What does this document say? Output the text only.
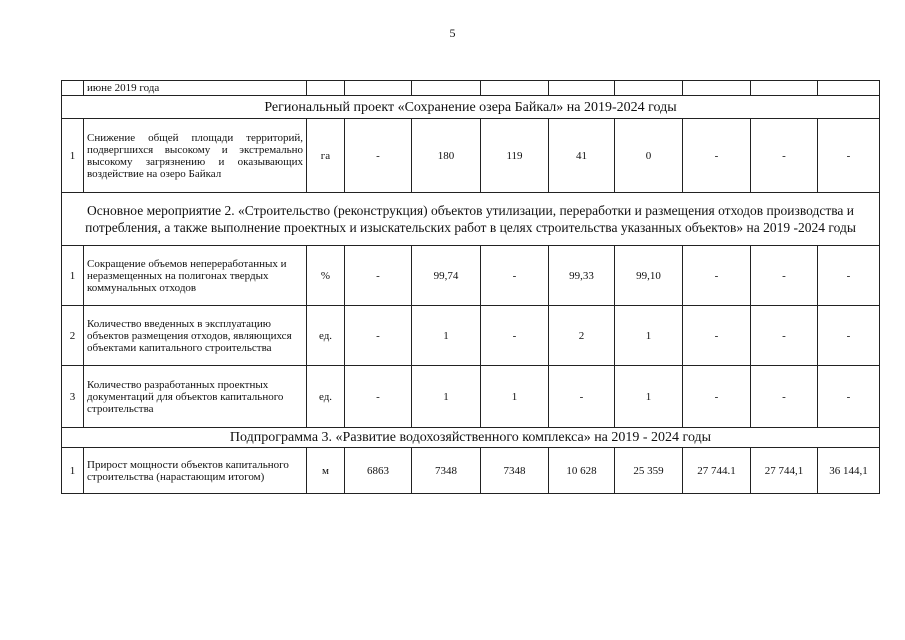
5
	июне 2019 года									
Региональный проект «Сохранение озера Байкал» на 2019-2024 годы										
1	Снижение общей площади территорий, подвергшихся высокому и экстремально высокому загрязнению и оказывающих воздействие на озеро Байкал	га	-	180	119	41	0	-	-	-
Основное мероприятие 2. «Строительство (реконструкция) объектов утилизации, переработки и размещения отходов производства и потребления, а также выполнение проектных и изыскательских работ в целях строительства указанных объектов» на 2019 -2024 годы										
1	Сокращение объемов непереработанных и неразмещенных на полигонах твердых коммунальных отходов	%	-	99,74	-	99,33	99,10	-	-	-
2	Количество введенных в эксплуатацию объектов размещения отходов, являющихся объектами капитального строительства	ед.	-	1	-	2	1	-	-	-
3	Количество разработанных проектных документаций для объектов капитального строительства	ед.	-	1	1	-	1	-	-	-
Подпрограмма 3. «Развитие водохозяйственного комплекса» на 2019 - 2024 годы										
1	Прирост мощности объектов капитального строительства (нарастающим итогом)	м	6863	7348	7348	10 628	25 359	27 744.1	27 744,1	36 144,1
